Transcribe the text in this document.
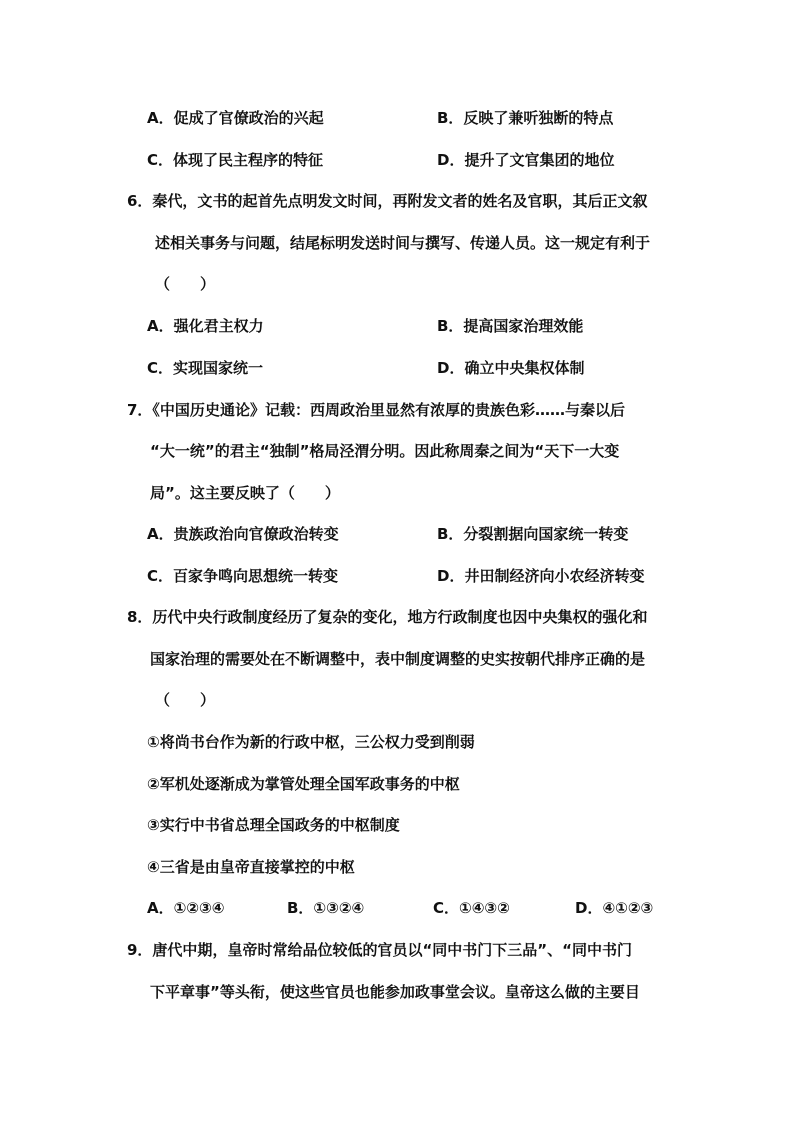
A．促成了官僚政治的兴起	B．反映了兼听独断的特点
C．体现了民主程序的特征	D．提升了文官集团的地位
6．秦代，文书的起首先点明发文时间，再附发文者的姓名及官职，其后正文叙
述相关事务与问题，结尾标明发送时间与撰写、传递人员。这一规定有利于
（　　）
A．强化君主权力	B．提高国家治理效能
C．实现国家统一	D．确立中央集权体制
7．《中国历史通论》记载：西周政治里显然有浓厚的贵族色彩……与秦以后
“大一统”的君主“独制”格局泾渭分明。因此称周秦之间为“天下一大变
局”。这主要反映了（　　）
A．贵族政治向官僚政治转变	B．分裂割据向国家统一转变
C．百家争鸣向思想统一转变	D．井田制经济向小农经济转变
8．历代中央行政制度经历了复杂的变化，地方行政制度也因中央集权的强化和
国家治理的需要处在不断调整中，表中制度调整的史实按朝代排序正确的是
（　　）
①将尚书台作为新的行政中枢，三公权力受到削弱
②军机处逐渐成为掌管处理全国军政事务的中枢
③实行中书省总理全国政务的中枢制度
④三省是由皇帝直接掌控的中枢
A．①②③④	B．①③②④	C．①④③②	D．④①②③
9．唐代中期，皇帝时常给品位较低的官员以“同中书门下三品”、“同中书门
下平章事”等头衔，使这些官员也能参加政事堂会议。皇帝这么做的主要目
